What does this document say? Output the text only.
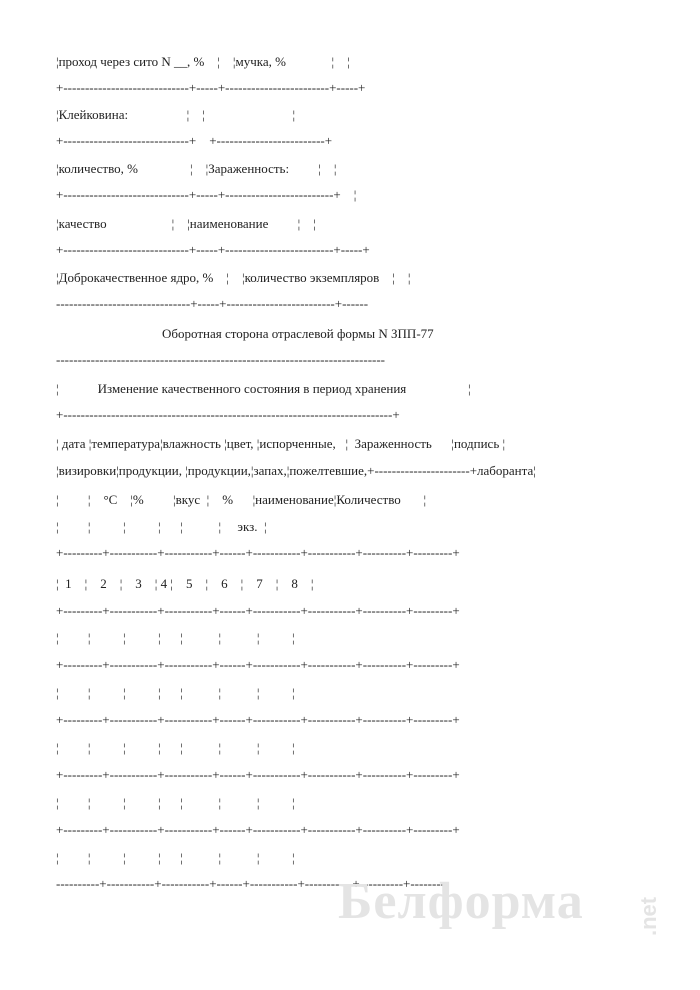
¦проход через сито N __, %    ¦    ¦мучка, %              ¦    ¦
+-----------------------------+-----+------------------------+-----+
¦Клейковина:                  ¦    ¦                           ¦
+-----------------------------+    +-------------------------+
¦количество, %                ¦    ¦Зараженность:         ¦    ¦
+-----------------------------+-----+-------------------------+    ¦
¦качество                    ¦    ¦наименование         ¦    ¦
+-----------------------------+-----+-------------------------+-----+
¦Доброкачественное ядро, %    ¦    ¦количество экземпляров    ¦    ¦
-------------------------------+-----+-------------------------+------
Оборотная сторона отраслевой формы N ЗПП-77
----------------------------------------------------------------------------
¦            Изменение качественного состояния в период хранения                   ¦
+----------------------------------------------------------------------------+
¦ дата ¦температура¦влажность ¦цвет, ¦испорченные,   ¦  Зараженность      ¦подпись ¦
¦визировки¦продукции, ¦продукции,¦запах,¦пожелтевшие,+----------------------+лаборанта¦
¦         ¦    °С    ¦%         ¦вкус  ¦    %      ¦наименование¦Количество       ¦
¦         ¦          ¦          ¦      ¦           ¦     экз.  ¦
+---------+-----------+-----------+------+-----------+-----------+----------+---------+
¦  1    ¦    2    ¦    3    ¦ 4 ¦    5    ¦    6    ¦    7    ¦    8    ¦
+---------+-----------+-----------+------+-----------+-----------+----------+---------+
¦         ¦          ¦          ¦      ¦           ¦           ¦          ¦
+---------+-----------+-----------+------+-----------+-----------+----------+---------+
¦         ¦          ¦          ¦      ¦           ¦           ¦          ¦
+---------+-----------+-----------+------+-----------+-----------+----------+---------+
¦         ¦          ¦          ¦      ¦           ¦           ¦          ¦
+---------+-----------+-----------+------+-----------+-----------+----------+---------+
¦         ¦          ¦          ¦      ¦           ¦           ¦          ¦
+---------+-----------+-----------+------+-----------+-----------+----------+---------+
¦         ¦          ¦          ¦      ¦           ¦           ¦          ¦
----------+-----------+-----------+------+-----------+-----------+----------+---------
Белформа .net
